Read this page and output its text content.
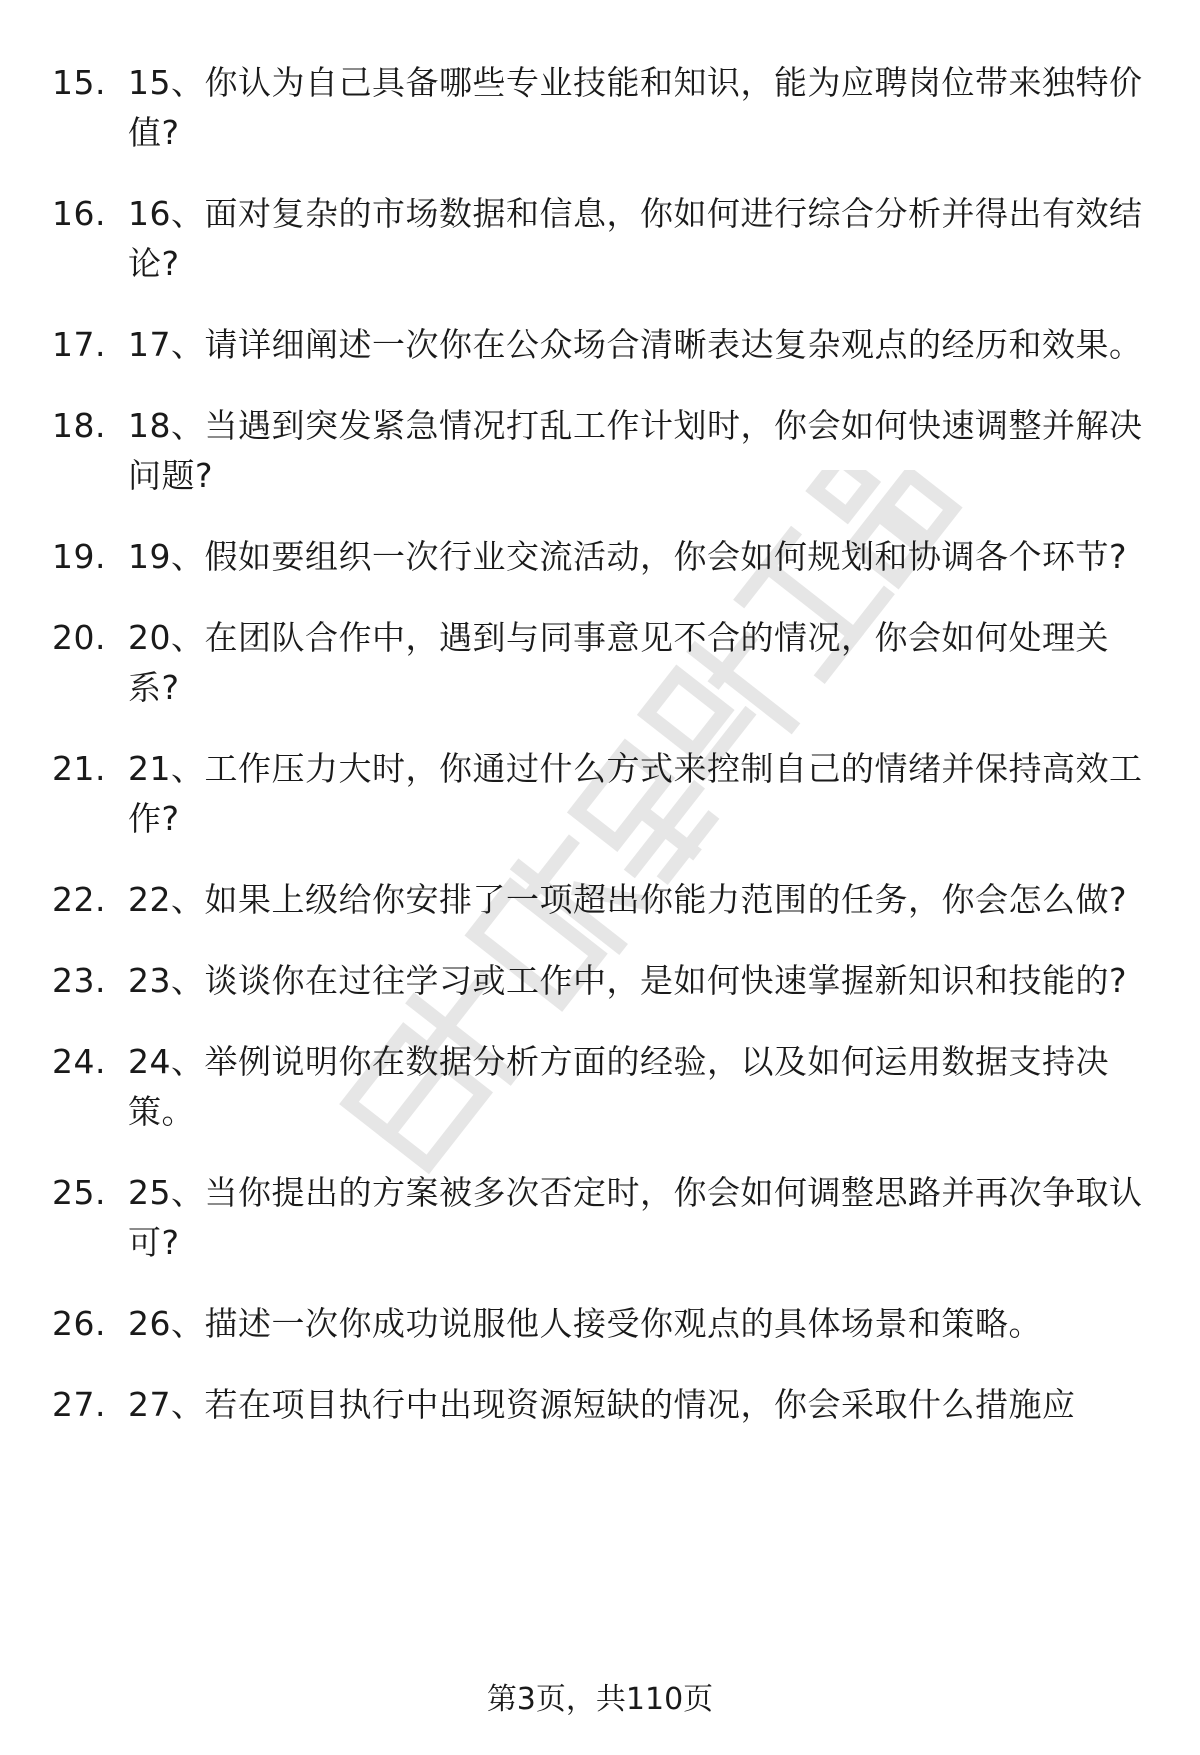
15. 15、你认为自己具备哪些专业技能和知识，能为应聘岗位带来独特价值?
16. 16、面对复杂的市场数据和信息，你如何进行综合分析并得出有效结论?
17. 17、请详细阐述一次你在公众场合清晰表达复杂观点的经历和效果。
18. 18、当遇到突发紧急情况打乱工作计划时，你会如何快速调整并解决问题?
19. 19、假如要组织一次行业交流活动，你会如何规划和协调各个环节?
20. 20、在团队合作中，遇到与同事意见不合的情况，你会如何处理关系?
21. 21、工作压力大时，你通过什么方式来控制自己的情绪并保持高效工作?
22. 22、如果上级给你安排了一项超出你能力范围的任务，你会怎么做?
23. 23、谈谈你在过往学习或工作中，是如何快速掌握新知识和技能的?
24. 24、举例说明你在数据分析方面的经验，以及如何运用数据支持决策。
25. 25、当你提出的方案被多次否定时，你会如何调整思路并再次争取认可?
26. 26、描述一次你成功说服他人接受你观点的具体场景和策略。
27. 27、若在项目执行中出现资源短缺的情况，你会采取什么措施应
第3页，共110页
